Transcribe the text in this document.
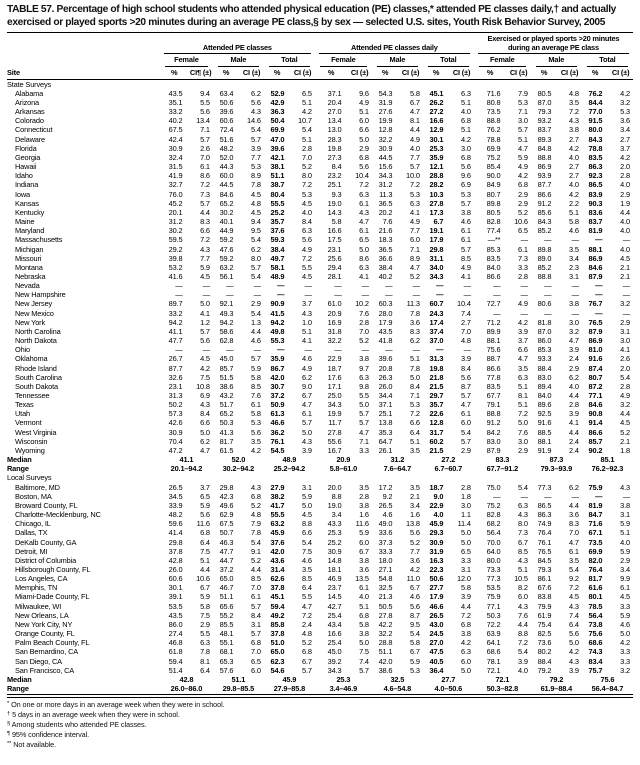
TABLE 57. Percentage of high school students who attended physical education (PE) classes,* attended PE classes daily,† and actually exercised or played sports >20 minutes during an average PE class,§ by sex — selected U.S. sites, Youth Risk Behavior Survey, 2005
Site	Attended PE classes						Attended PE classes daily						Exercised or played sports >20 minutes during an average PE class					

	Female		Male		Total		Female		Male		Total		Female		Male		Total	

	%	CI¶ (±)	%	CI (±)	%	CI (±)	%	CI (±)	%	CI (±)	%	CI (±)	%	CI (±)	%	CI (±)	%	CI (±)
State Surveys																		
Alabama	43.5	9.4	63.4	6.2	52.9	6.5	37.1	9.6	54.3	5.8	45.1	6.3	71.6	7.9	80.5	4.8	76.2	4.2
Arizona	35.1	5.5	50.6	5.6	42.9	5.1	20.4	4.9	31.9	6.7	26.2	5.1	80.8	5.3	87.0	3.5	84.4	3.2
Arkansas	33.2	5.6	39.6	4.3	36.3	4.2	27.0	5.1	27.6	4.7	27.2	4.0	73.5	7.1	79.3	7.2	77.0	5.3
Colorado	40.2	13.4	60.6	14.6	50.4	10.7	13.4	6.0	19.9	8.1	16.6	6.8	88.8	3.0	93.2	4.3	91.5	3.6
Connecticut	67.5	7.1	72.4	5.4	69.9	5.4	13.0	6.6	12.8	4.4	12.9	5.1	76.2	5.7	83.7	3.8	80.0	3.4
Delaware	42.4	5.7	51.6	5.7	47.0	5.1	28.3	5.0	32.2	4.9	30.1	4.2	78.8	5.1	89.3	2.7	84.3	2.7
Florida	30.9	2.6	48.2	3.9	39.6	2.8	19.8	2.9	30.9	4.0	25.3	3.0	69.9	4.7	84.8	4.2	78.8	3.7
Georgia	32.4	7.0	52.0	7.7	42.1	7.0	27.3	6.8	44.5	7.7	35.9	6.8	75.2	5.9	88.8	4.0	83.5	4.2
Hawaii	31.5	6.1	44.3	5.3	38.1	5.2	8.4	5.6	15.6	5.7	12.1	5.6	85.4	4.9	86.9	2.7	86.3	2.0
Idaho	41.9	8.6	60.0	8.9	51.1	8.0	23.2	10.4	34.3	10.0	28.8	9.6	90.0	4.2	93.9	2.7	92.3	2.8
Indiana	32.7	7.2	44.5	7.8	38.7	7.2	25.1	7.2	31.2	7.2	28.2	6.9	84.9	6.8	87.7	4.0	86.5	4.0
Iowa	76.0	7.3	84.6	4.5	80.4	5.3	9.3	6.3	11.3	5.3	10.3	5.3	80.7	2.9	86.6	4.2	83.9	2.9
Kansas	45.2	5.7	65.2	4.8	55.5	4.5	19.0	6.1	36.5	6.3	27.8	5.7	89.8	2.9	91.2	2.2	90.3	1.9
Kentucky	20.1	4.4	30.2	4.5	25.2	4.0	14.3	4.3	20.2	4.1	17.3	3.8	80.5	5.2	85.6	5.1	83.6	4.4
Maine	31.2	8.3	40.1	9.4	35.7	8.4	5.8	4.7	7.6	4.9	6.7	4.6	82.8	10.6	84.3	5.8	83.7	4.0
Maryland	30.2	6.6	44.9	9.5	37.6	6.3	16.6	6.1	21.6	7.7	19.1	6.1	77.4	6.5	85.2	4.6	81.9	4.0
Massachusetts	59.5	7.2	59.2	5.4	59.3	5.6	17.5	6.5	18.3	6.0	17.9	6.1	—**	—	—	—	—	—
Michigan	29.2	4.3	47.6	6.2	38.4	4.9	23.1	5.0	36.5	7.1	29.8	5.7	85.3	6.1	89.8	3.5	88.1	4.0
Missouri	39.8	7.7	59.2	8.0	49.7	7.2	25.6	8.6	36.6	8.9	31.1	8.5	83.5	7.3	89.0	3.4	86.9	4.5
Montana	53.2	5.9	63.2	5.7	58.1	5.5	29.4	6.3	38.4	4.7	34.0	4.9	84.0	3.3	85.2	2.3	84.6	2.1
Nebraska	41.6	4.5	56.1	5.4	48.9	4.5	28.1	4.1	40.2	5.2	34.3	4.1	86.6	2.8	88.8	3.1	87.9	2.1
Nevada	—	—	—	—	—	—	—	—	—	—	—	—	—	—	—	—	—	—
New Hampshire	—	—	—	—	—	—	—	—	—	—	—	—	—	—	—	—	—	—
New Jersey	89.7	5.0	92.1	2.9	90.9	3.7	61.0	10.2	60.3	11.3	60.7	10.4	72.7	4.9	80.6	3.8	76.7	3.2
New Mexico	33.2	4.1	49.3	5.4	41.5	4.3	20.9	7.6	28.0	7.8	24.3	7.4	—	—	—	—	—	—
New York	94.2	1.2	94.2	1.3	94.2	1.0	16.9	2.8	17.9	3.6	17.4	2.7	71.2	4.2	81.8	3.0	76.5	2.9
North Carolina	41.1	5.7	58.6	4.4	49.8	5.1	31.8	7.0	43.5	8.3	37.4	7.0	89.9	3.9	87.0	3.2	87.9	3.1
North Dakota	47.7	5.6	62.8	4.6	55.3	4.1	32.2	5.2	41.8	6.2	37.0	4.8	88.1	3.7	86.0	4.7	86.9	3.0
Ohio	—	—	—	—	—	—	—	—	—	—	—	—	75.6	6.6	85.3	3.9	81.0	4.1
Oklahoma	26.7	4.5	45.0	5.7	35.9	4.6	22.9	3.8	39.6	5.1	31.3	3.9	88.7	4.7	93.3	2.4	91.6	2.6
Rhode Island	87.7	4.2	85.7	5.9	86.7	4.9	18.7	9.7	20.8	7.8	19.8	8.4	86.6	3.5	88.4	2.9	87.4	2.0
South Carolina	32.6	7.5	51.5	5.8	42.0	6.2	17.6	6.3	26.3	5.0	21.8	5.6	77.8	6.3	83.0	6.2	80.7	5.4
South Dakota	23.1	10.8	38.6	8.5	30.7	9.0	17.1	9.8	26.0	8.4	21.5	8.7	83.5	5.1	89.4	4.0	87.2	2.8
Tennessee	31.3	6.9	43.2	7.6	37.2	6.7	25.0	5.5	34.4	7.1	29.7	5.7	67.7	8.1	84.0	4.4	77.1	4.9
Texas	50.2	4.3	51.7	6.1	50.9	4.7	34.3	5.0	37.1	5.3	35.7	4.7	79.1	5.1	89.6	2.8	84.6	3.2
Utah	57.3	8.4	65.2	5.8	61.3	6.1	19.9	5.7	25.1	7.2	22.6	6.1	88.8	7.2	92.5	3.9	90.8	4.4
Vermont	42.6	6.6	50.3	5.3	46.6	5.7	11.7	5.7	13.8	6.6	12.8	6.0	91.2	5.0	91.6	4.1	91.4	4.5
West Virginia	30.9	5.0	41.3	5.6	36.2	5.0	27.8	4.7	35.3	6.4	31.7	5.4	84.2	7.6	88.5	4.4	86.6	5.2
Wisconsin	70.4	6.2	81.7	3.5	76.1	4.3	55.6	7.1	64.7	5.1	60.2	5.7	83.0	3.0	88.1	2.4	85.7	2.1
Wyoming	47.2	4.7	61.5	4.2	54.5	3.9	16.7	3.3	26.1	3.5	21.5	2.9	87.9	2.9	91.9	2.4	90.2	1.8
Median	41.1		52.0		48.9		20.9		31.2		27.2		83.3		87.3		85.1	
Range	20.1–94.2		30.2–94.2		25.2–94.2		5.8–61.0		7.6–64.7		6.7–60.7		67.7–91.2		79.3–93.9		76.2–92.3	
Local Surveys																		
Baltimore, MD	26.5	3.7	29.8	4.3	27.9	3.1	20.0	3.5	17.2	3.5	18.7	2.8	75.0	5.4	77.3	6.2	75.9	4.3
Boston, MA	34.5	6.5	42.3	6.8	38.2	5.9	8.8	2.8	9.2	2.1	9.0	1.8	—	—	—	—	—	—
Broward County, FL	33.9	5.9	49.6	5.2	41.7	5.0	19.0	3.8	26.5	3.4	22.9	3.0	75.2	6.3	86.5	4.4	81.9	3.8
Charlotte-Mecklenburg, NC	48.2	5.6	62.9	4.8	55.5	4.5	3.4	1.6	4.6	1.6	4.0	1.1	82.8	4.3	86.3	3.6	84.7	3.1
Chicago, IL	59.6	11.6	67.5	7.9	63.2	8.8	43.3	11.6	49.0	13.8	45.9	11.4	68.2	8.0	74.9	8.3	71.6	5.9
Dallas, TX	41.4	6.8	50.7	7.8	45.9	6.6	25.3	5.9	33.6	5.6	29.3	5.0	56.4	7.3	76.4	7.0	67.1	5.1
DeKalb County, GA	29.8	6.4	46.3	5.4	37.6	5.4	25.2	6.0	37.3	5.2	30.9	5.0	70.0	6.7	76.1	4.7	73.5	4.0
Detroit, MI	37.8	7.5	47.7	9.1	42.0	7.5	30.9	6.7	33.3	7.7	31.9	6.5	64.0	8.5	76.5	6.1	69.9	5.9
District of Columbia	42.8	5.1	44.7	5.2	43.6	4.6	14.8	3.8	18.0	3.6	16.3	3.3	80.0	4.3	84.5	3.5	82.0	2.9
Hillsborough County, FL	26.0	4.4	37.2	4.4	31.4	3.5	18.1	3.6	27.1	4.2	22.3	3.1	73.3	5.1	79.3	5.4	76.4	3.4
Los Angeles, CA	60.6	10.6	65.0	8.5	62.6	8.5	46.9	13.5	54.8	11.0	50.6	12.0	77.3	10.5	86.1	9.2	81.7	9.9
Memphis, TN	30.1	6.7	46.7	7.0	37.8	6.4	23.7	6.1	32.5	6.7	27.7	5.8	53.5	8.2	67.6	7.2	61.6	6.1
Miami-Dade County, FL	39.1	5.9	51.1	6.1	45.1	5.5	14.5	4.0	21.3	4.6	17.9	3.9	75.9	6.0	83.8	4.5	80.1	4.5
Milwaukee, WI	53.5	5.8	65.6	5.7	59.4	4.7	42.7	5.1	50.5	5.6	46.6	4.4	77.1	4.3	79.9	4.3	78.5	3.3
New Orleans, LA	43.5	7.5	55.2	8.4	49.2	7.2	25.4	6.8	27.8	8.7	26.5	7.2	50.3	7.6	61.9	7.4	56.4	5.9
New York City, NY	86.0	2.9	85.5	3.1	85.8	2.4	43.4	5.8	42.2	9.5	43.0	6.8	72.2	4.4	75.4	6.4	73.8	4.6
Orange County, FL	27.4	5.5	48.1	5.7	37.8	4.8	16.6	3.8	32.2	5.4	24.5	3.8	63.9	8.8	82.5	5.6	75.6	5.0
Palm Beach County, FL	46.8	6.3	55.1	6.8	51.0	5.2	25.4	5.0	28.8	5.8	27.0	4.2	64.1	7.2	73.6	5.0	68.6	4.2
San Bernardino, CA	61.8	7.8	68.1	7.0	65.0	6.8	45.0	7.5	51.1	6.7	47.5	6.3	68.6	5.4	80.2	4.2	74.3	3.3
San Diego, CA	59.4	8.1	65.3	6.5	62.3	6.7	39.2	7.4	42.0	5.9	40.5	6.0	78.1	3.9	88.4	4.3	83.4	3.3
San Francisco, CA	51.4	6.4	57.6	6.0	54.6	5.7	34.3	5.7	38.6	5.3	36.4	5.0	72.1	4.0	79.2	3.9	75.7	3.2
Median	42.8		51.1		45.9		25.3		32.5		27.7		72.1		79.2		75.6	
Range	26.0–86.0		29.8–85.5		27.9–85.8		3.4–46.9		4.6–54.8		4.0–50.6		50.3–82.8		61.9–88.4		56.4–84.7	
* On one or more days in an average week when they were in school.
† 5 days in an average week when they were in school.
§ Among students who attended PE classes.
¶ 95% confidence interval.
** Not available.
